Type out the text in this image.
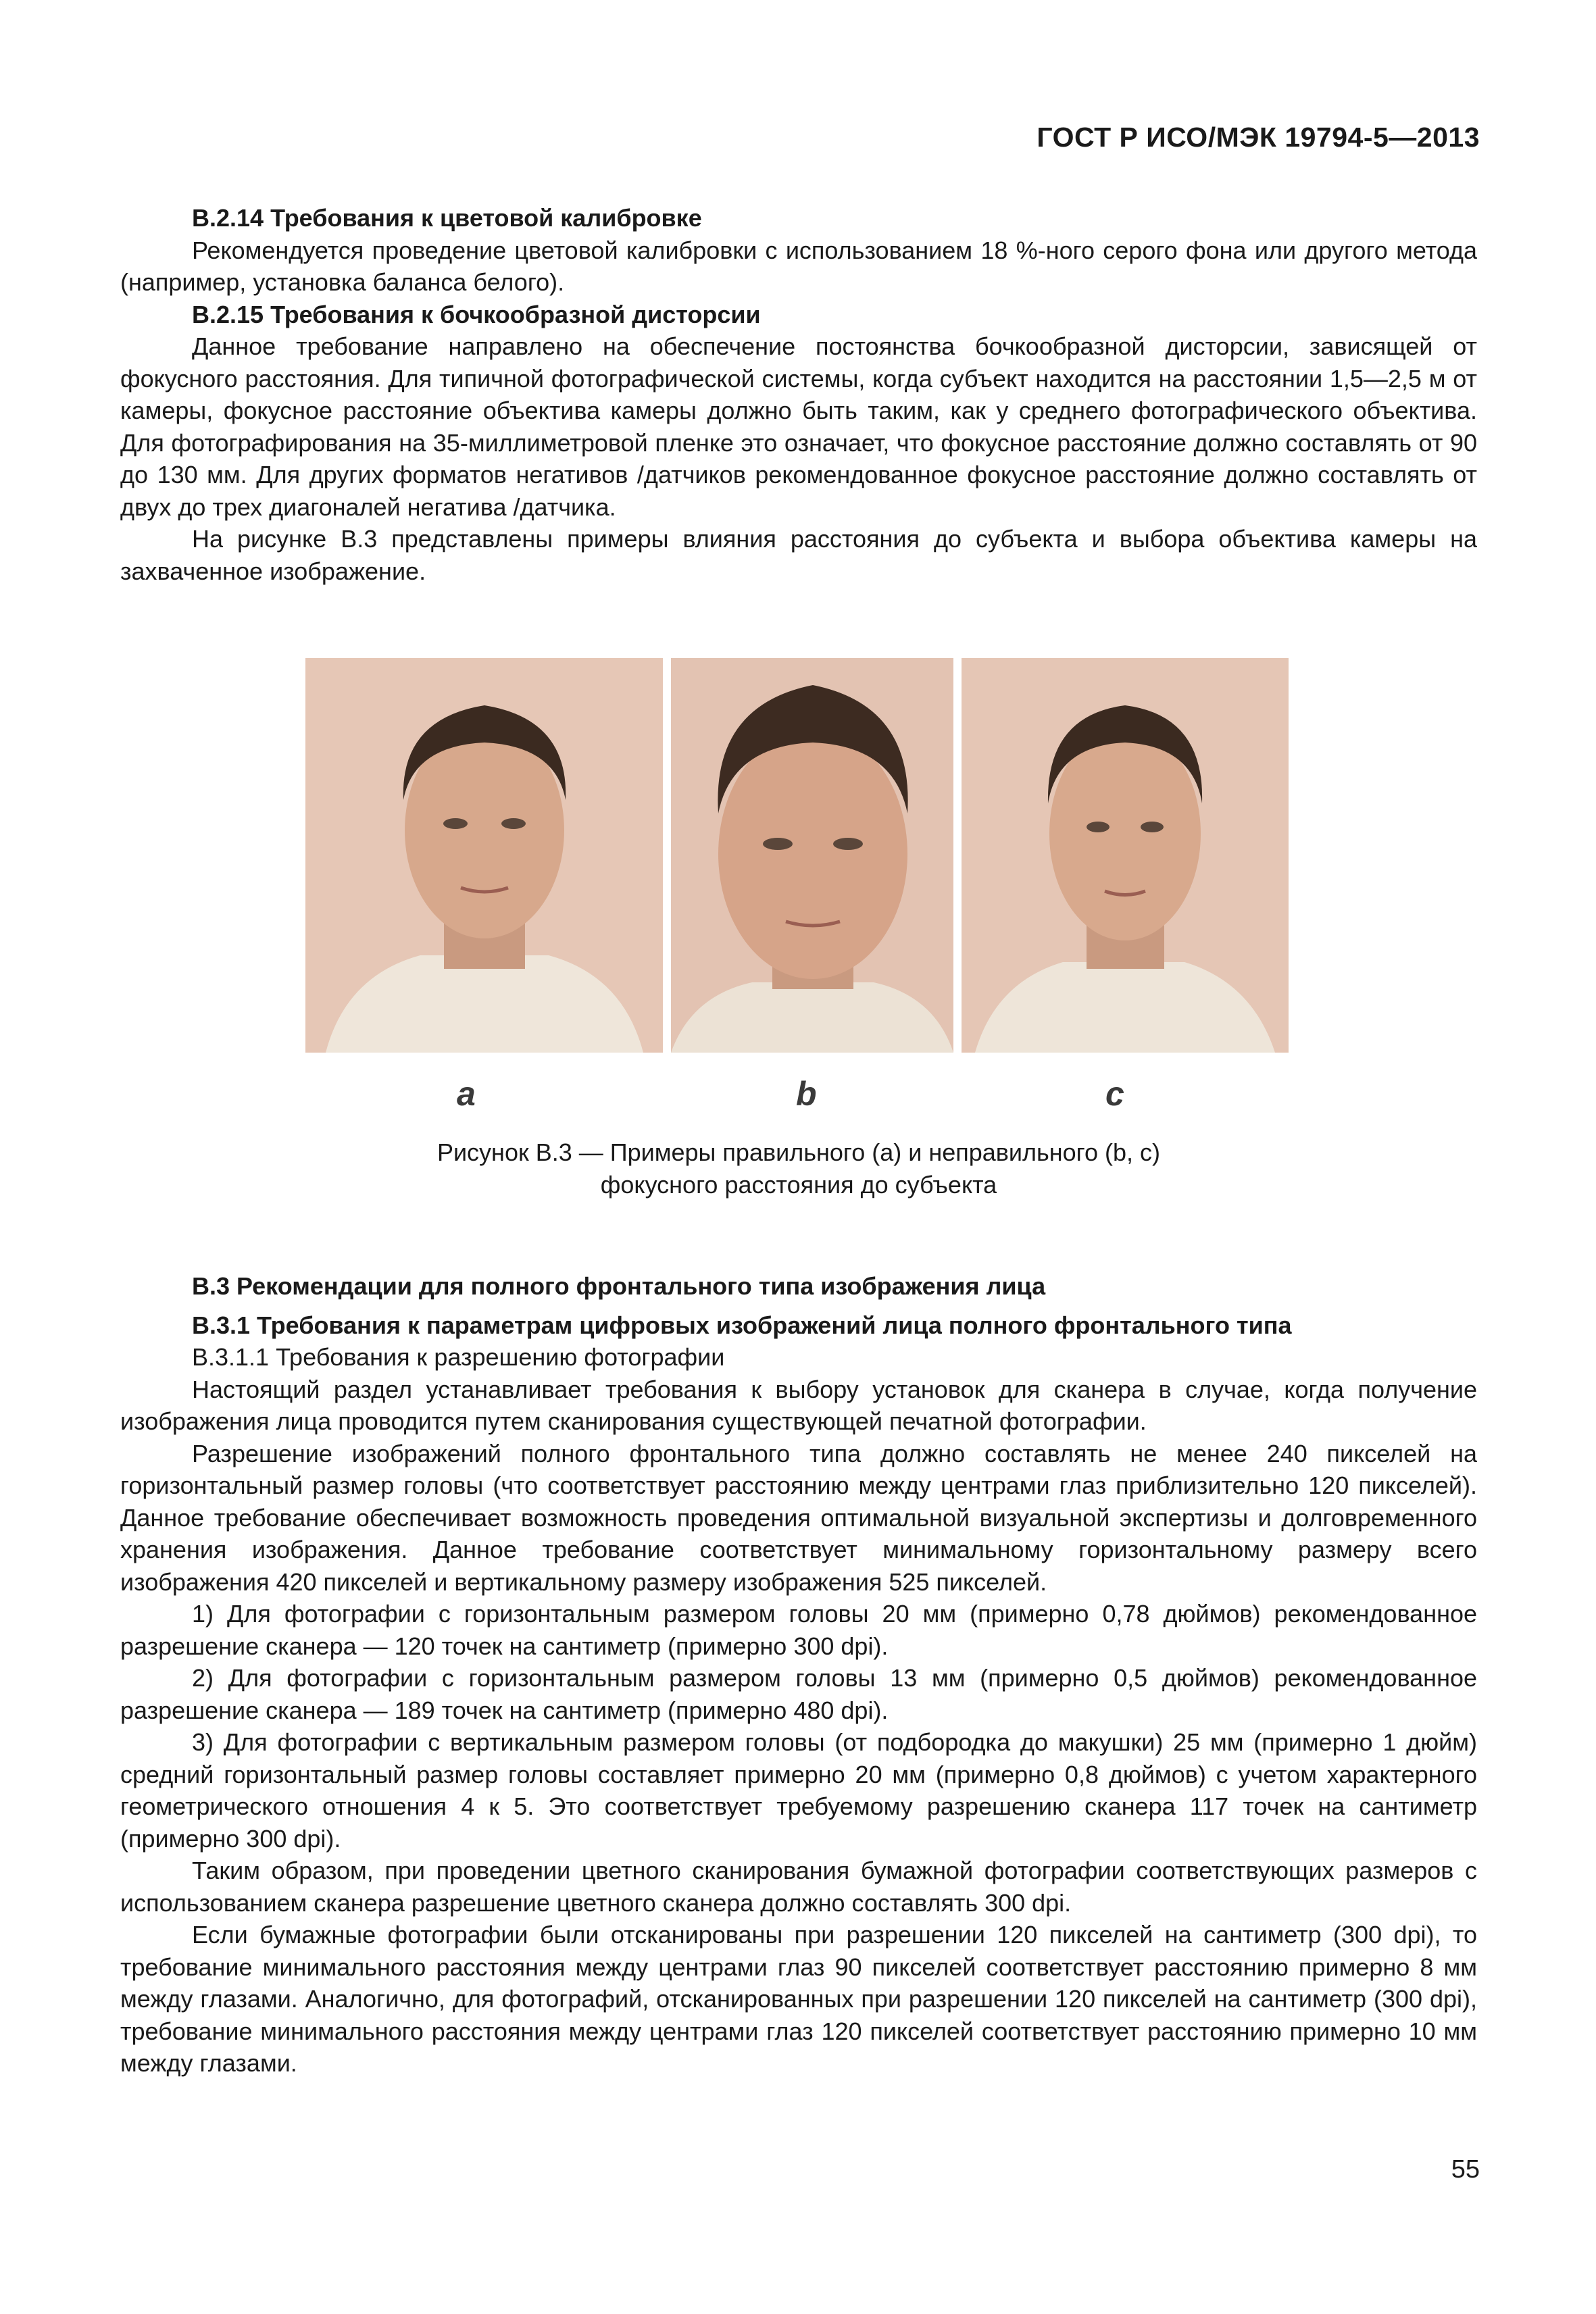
ГОСТ Р ИСО/МЭК 19794-5—2013

В.2.14 Требования к цветовой калибровке

Рекомендуется проведение цветовой калибровки с использованием 18 %-ного серого фона или другого метода (например, установка баланса белого).

В.2.15 Требования к бочкообразной дисторсии

Данное требование направлено на обеспечение постоянства бочкообразной дисторсии, зависящей от фокусного расстояния. Для типичной фотографической системы, когда субъект находится на расстоянии 1,5—2,5 м от камеры, фокусное расстояние объектива камеры должно быть таким, как у среднего фотографического объектива. Для фотографирования на 35-миллиметровой пленке это означает, что фокусное расстояние должно составлять от 90 до 130 мм. Для других форматов негативов /датчиков рекомендованное фокусное расстояние должно составлять от двух до трех диагоналей негатива /датчика.

На рисунке В.3 представлены примеры влияния расстояния до субъекта и выбора объектива камеры на захваченное изображение.

a	b	c
Рисунок В.3 — Примеры правильного (a) и неправильного (b, c)
фокусного расстояния до субъекта

В.3 Рекомендации для полного фронтального типа изображения лица

В.3.1 Требования к параметрам цифровых изображений лица полного фронтального типа

В.3.1.1 Требования к разрешению фотографии

Настоящий раздел устанавливает требования к выбору установок для сканера в случае, когда получение изображения лица проводится путем сканирования существующей печатной фотографии.

Разрешение изображений полного фронтального типа должно составлять не менее 240 пикселей на горизонтальный размер головы (что соответствует расстоянию между центрами глаз приблизительно 120 пикселей). Данное требование обеспечивает возможность проведения оптимальной визуальной экспертизы и долговременного хранения изображения. Данное требование соответствует минимальному горизонтальному размеру всего изображения 420 пикселей и вертикальному размеру изображения 525 пикселей.

1) Для фотографии с горизонтальным размером головы 20 мм (примерно 0,78 дюймов) рекомендованное разрешение сканера — 120 точек на сантиметр (примерно 300 dpi).

2) Для фотографии с горизонтальным размером головы 13 мм (примерно 0,5 дюймов) рекомендованное разрешение сканера — 189 точек на сантиметр (примерно 480 dpi).

3) Для фотографии с вертикальным размером головы (от подбородка до макушки) 25 мм (примерно 1 дюйм) средний горизонтальный размер головы составляет примерно 20 мм (примерно 0,8 дюймов) с учетом характерного геометрического отношения 4 к 5. Это соответствует требуемому разрешению сканера 117 точек на сантиметр (примерно 300 dpi).

Таким образом, при проведении цветного сканирования бумажной фотографии соответствующих размеров с использованием сканера разрешение цветного сканера должно составлять 300 dpi.

Если бумажные фотографии были отсканированы при разрешении 120 пикселей на сантиметр (300 dpi), то требование минимального расстояния между центрами глаз 90 пикселей соответствует расстоянию примерно 8 мм между глазами. Аналогично, для фотографий, отсканированных при разрешении 120 пикселей на сантиметр (300 dpi), требование минимального расстояния между центрами глаз 120 пикселей соответствует расстоянию примерно 10 мм между глазами.

55
